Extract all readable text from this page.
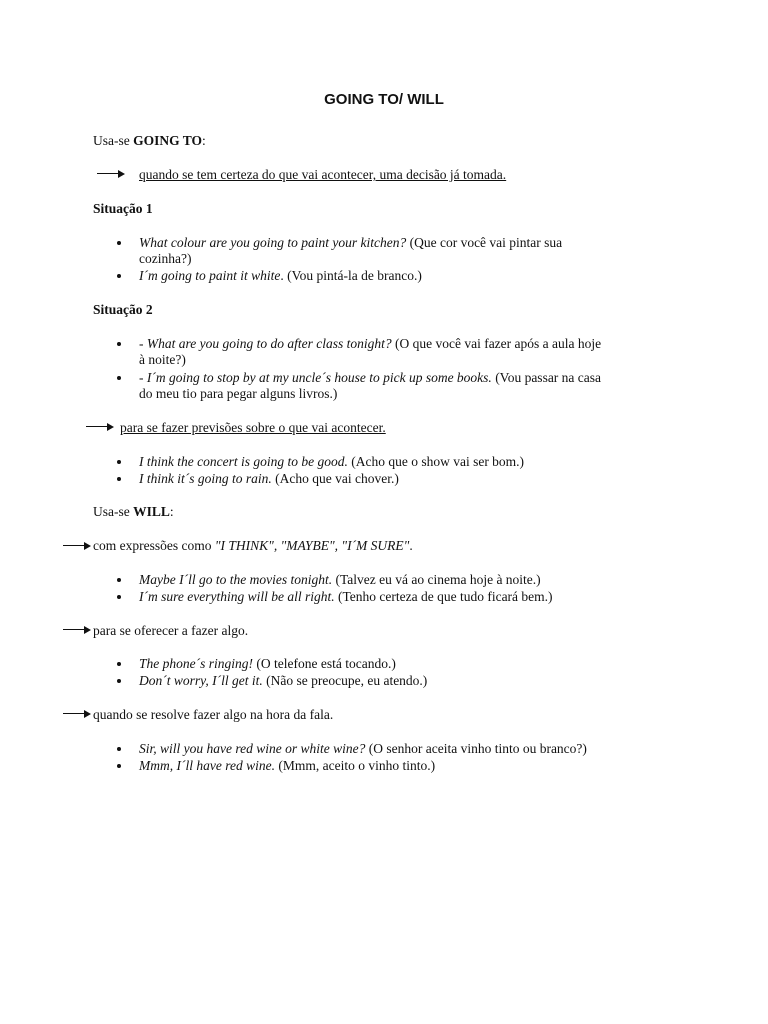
GOING TO/ WILL
Usa-se GOING TO:
quando se tem certeza do que vai acontecer, uma decisão já tomada.
Situação 1
What colour are you going to paint your kitchen? (Que cor você vai pintar sua
cozinha?)
I´m going to paint it white. (Vou pintá-la de branco.)
Situação 2
- What are you going to do after class tonight? (O que você vai fazer após a aula hoje
à noite?)
- I´m going to stop by at my uncle´s house to pick up some books. (Vou passar na casa
do meu tio para pegar alguns livros.)
para se fazer previsões sobre o que vai acontecer.
I think the concert is going to be good. (Acho que o show vai ser bom.)
I think it´s going to rain. (Acho que vai chover.)
Usa-se WILL:
com expressões como "I THINK", "MAYBE", "I´M SURE".
Maybe I´ll go to the movies tonight. (Talvez eu vá ao cinema hoje à noite.)
I´m sure everything will be all right. (Tenho certeza de que tudo ficará bem.)
para se oferecer a fazer algo.
The phone´s ringing! (O telefone está tocando.)
Don´t worry, I´ll get it. (Não se preocupe, eu atendo.)
quando se resolve fazer algo na hora da fala.
Sir, will you have red wine or white wine? (O senhor aceita vinho tinto ou branco?)
Mmm, I´ll have red wine. (Mmm, aceito o vinho tinto.)
